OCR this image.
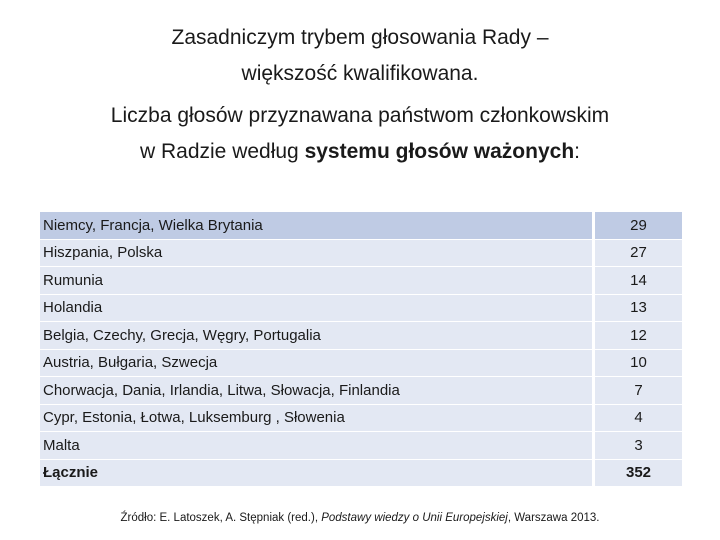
Zasadniczym trybem głosowania Rady –
większość kwalifikowana.
Liczba głosów przyznawana państwom członkowskim
w Radzie według systemu głosów ważonych:
Niemcy, Francja, Wielka Brytania	29
Hiszpania, Polska	27
Rumunia	14
Holandia	13
Belgia, Czechy, Grecja, Węgry, Portugalia	12
Austria, Bułgaria, Szwecja	10
Chorwacja, Dania, Irlandia, Litwa, Słowacja, Finlandia	7
Cypr, Estonia, Łotwa, Luksemburg , Słowenia	4
Malta	3
Łącznie	352
Źródło: E. Latoszek, A. Stępniak (red.), Podstawy wiedzy o Unii Europejskiej, Warszawa 2013.
